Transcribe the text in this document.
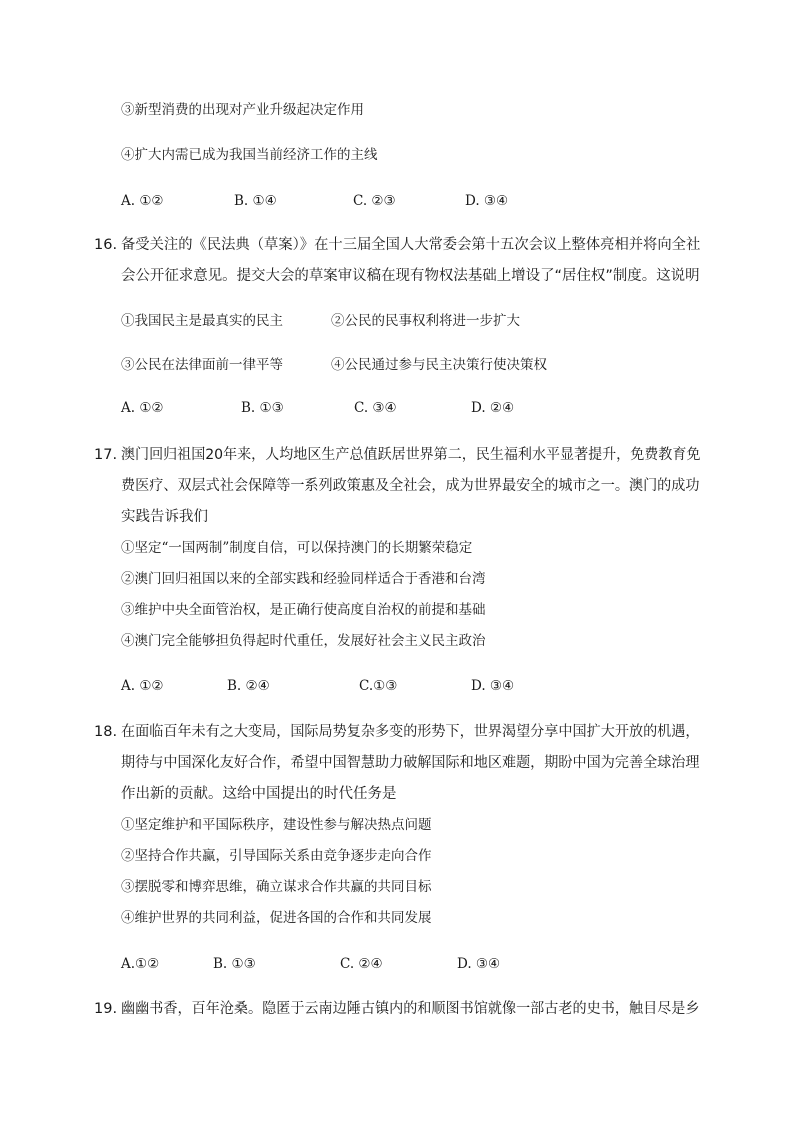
③新型消费的出现对产业升级起决定作用
④扩大内需已成为我国当前经济工作的主线
A. ①②	B. ①④	C. ②③	D. ③④
16. 备受关注的《民法典（草案）》在十三届全国人大常委会第十五次会议上整体亮相并将向全社
会公开征求意见。提交大会的草案审议稿在现有物权法基础上增设了“居住权”制度。这说明
①我国民主是最真实的民主	②公民的民事权利将进一步扩大
③公民在法律面前一律平等	④公民通过参与民主决策行使决策权
A. ①②	B. ①③	C. ③④	D. ②④
17. 澳门回归祖国20年来，人均地区生产总值跃居世界第二，民生福利水平显著提升，免费教育免
费医疗、双层式社会保障等一系列政策惠及全社会，成为世界最安全的城市之一。澳门的成功
实践告诉我们
①坚定“一国两制”制度自信，可以保持澳门的长期繁荣稳定
②澳门回归祖国以来的全部实践和经验同样适合于香港和台湾
③维护中央全面管治权，是正确行使高度自治权的前提和基础
④澳门完全能够担负得起时代重任，发展好社会主义民主政治
A. ①②	B. ②④	C.①③	D. ③④
18. 在面临百年未有之大变局，国际局势复杂多变的形势下，世界渴望分享中国扩大开放的机遇，
期待与中国深化友好合作，希望中国智慧助力破解国际和地区难题，期盼中国为完善全球治理
作出新的贡献。这给中国提出的时代任务是
①坚定维护和平国际秩序，建设性参与解决热点问题
②坚持合作共赢，引导国际关系由竞争逐步走向合作
③摆脱零和博弈思维，确立谋求合作共赢的共同目标
④维护世界的共同利益，促进各国的合作和共同发展
A.①②	B. ①③	C. ②④	D. ③④
19. 幽幽书香，百年沧桑。隐匿于云南边陲古镇内的和顺图书馆就像一部古老的史书，触目尽是乡
